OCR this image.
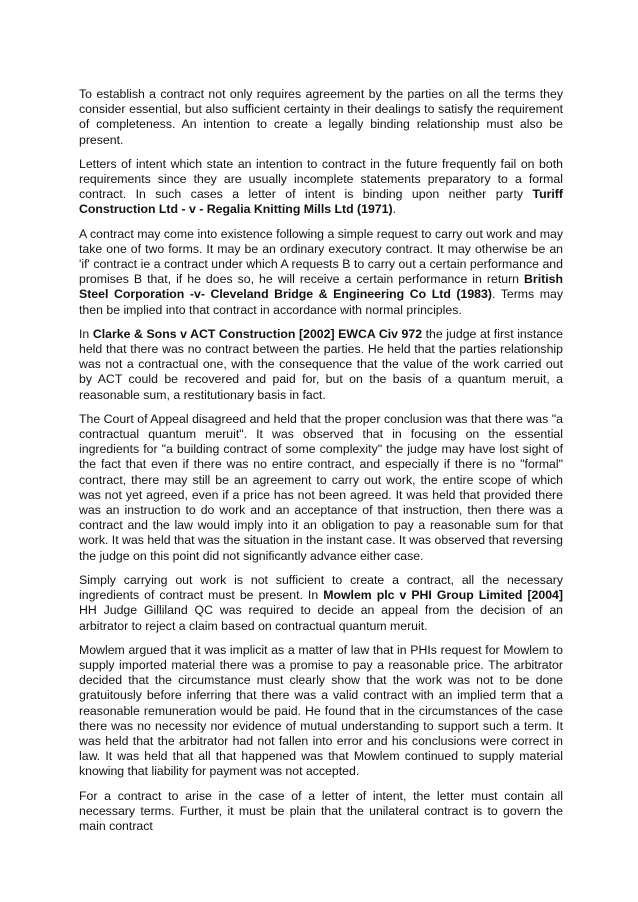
To establish a contract not only requires agreement by the parties on all the terms they consider essential, but also sufficient certainty in their dealings to satisfy the requirement of completeness. An intention to create a legally binding relationship must also be present.

Letters of intent which state an intention to contract in the future frequently fail on both requirements since they are usually incomplete statements preparatory to a formal contract. In such cases a letter of intent is binding upon neither party Turiff Construction Ltd - v - Regalia Knitting Mills Ltd (1971).

A contract may come into existence following a simple request to carry out work and may take one of two forms. It may be an ordinary executory contract. It may otherwise be an 'if' contract ie a contract under which A requests B to carry out a certain performance and promises B that, if he does so, he will receive a certain performance in return British Steel Corporation -v- Cleveland Bridge & Engineering Co Ltd (1983). Terms may then be implied into that contract in accordance with normal principles.

In Clarke & Sons v ACT Construction [2002] EWCA Civ 972 the judge at first instance held that there was no contract between the parties. He held that the parties relationship was not a contractual one, with the consequence that the value of the work carried out by ACT could be recovered and paid for, but on the basis of a quantum meruit, a reasonable sum, a restitutionary basis in fact.

The Court of Appeal disagreed and held that the proper conclusion was that there was "a contractual quantum meruit". It was observed that in focusing on the essential ingredients for "a building contract of some complexity" the judge may have lost sight of the fact that even if there was no entire contract, and especially if there is no "formal" contract, there may still be an agreement to carry out work, the entire scope of which was not yet agreed, even if a price has not been agreed. It was held that provided there was an instruction to do work and an acceptance of that instruction, then there was a contract and the law would imply into it an obligation to pay a reasonable sum for that work. It was held that was the situation in the instant case. It was observed that reversing the judge on this point did not significantly advance either case.

Simply carrying out work is not sufficient to create a contract, all the necessary ingredients of contract must be present. In Mowlem plc v PHI Group Limited [2004] HH Judge Gilliland QC was required to decide an appeal from the decision of an arbitrator to reject a claim based on contractual quantum meruit.

Mowlem argued that it was implicit as a matter of law that in PHIs request for Mowlem to supply imported material there was a promise to pay a reasonable price. The arbitrator decided that the circumstance must clearly show that the work was not to be done gratuitously before inferring that there was a valid contract with an implied term that a reasonable remuneration would be paid. He found that in the circumstances of the case there was no necessity nor evidence of mutual understanding to support such a term. It was held that the arbitrator had not fallen into error and his conclusions were correct in law. It was held that all that happened was that Mowlem continued to supply material knowing that liability for payment was not accepted.

For a contract to arise in the case of a letter of intent, the letter must contain all necessary terms. Further, it must be plain that the unilateral contract is to govern the main contract
